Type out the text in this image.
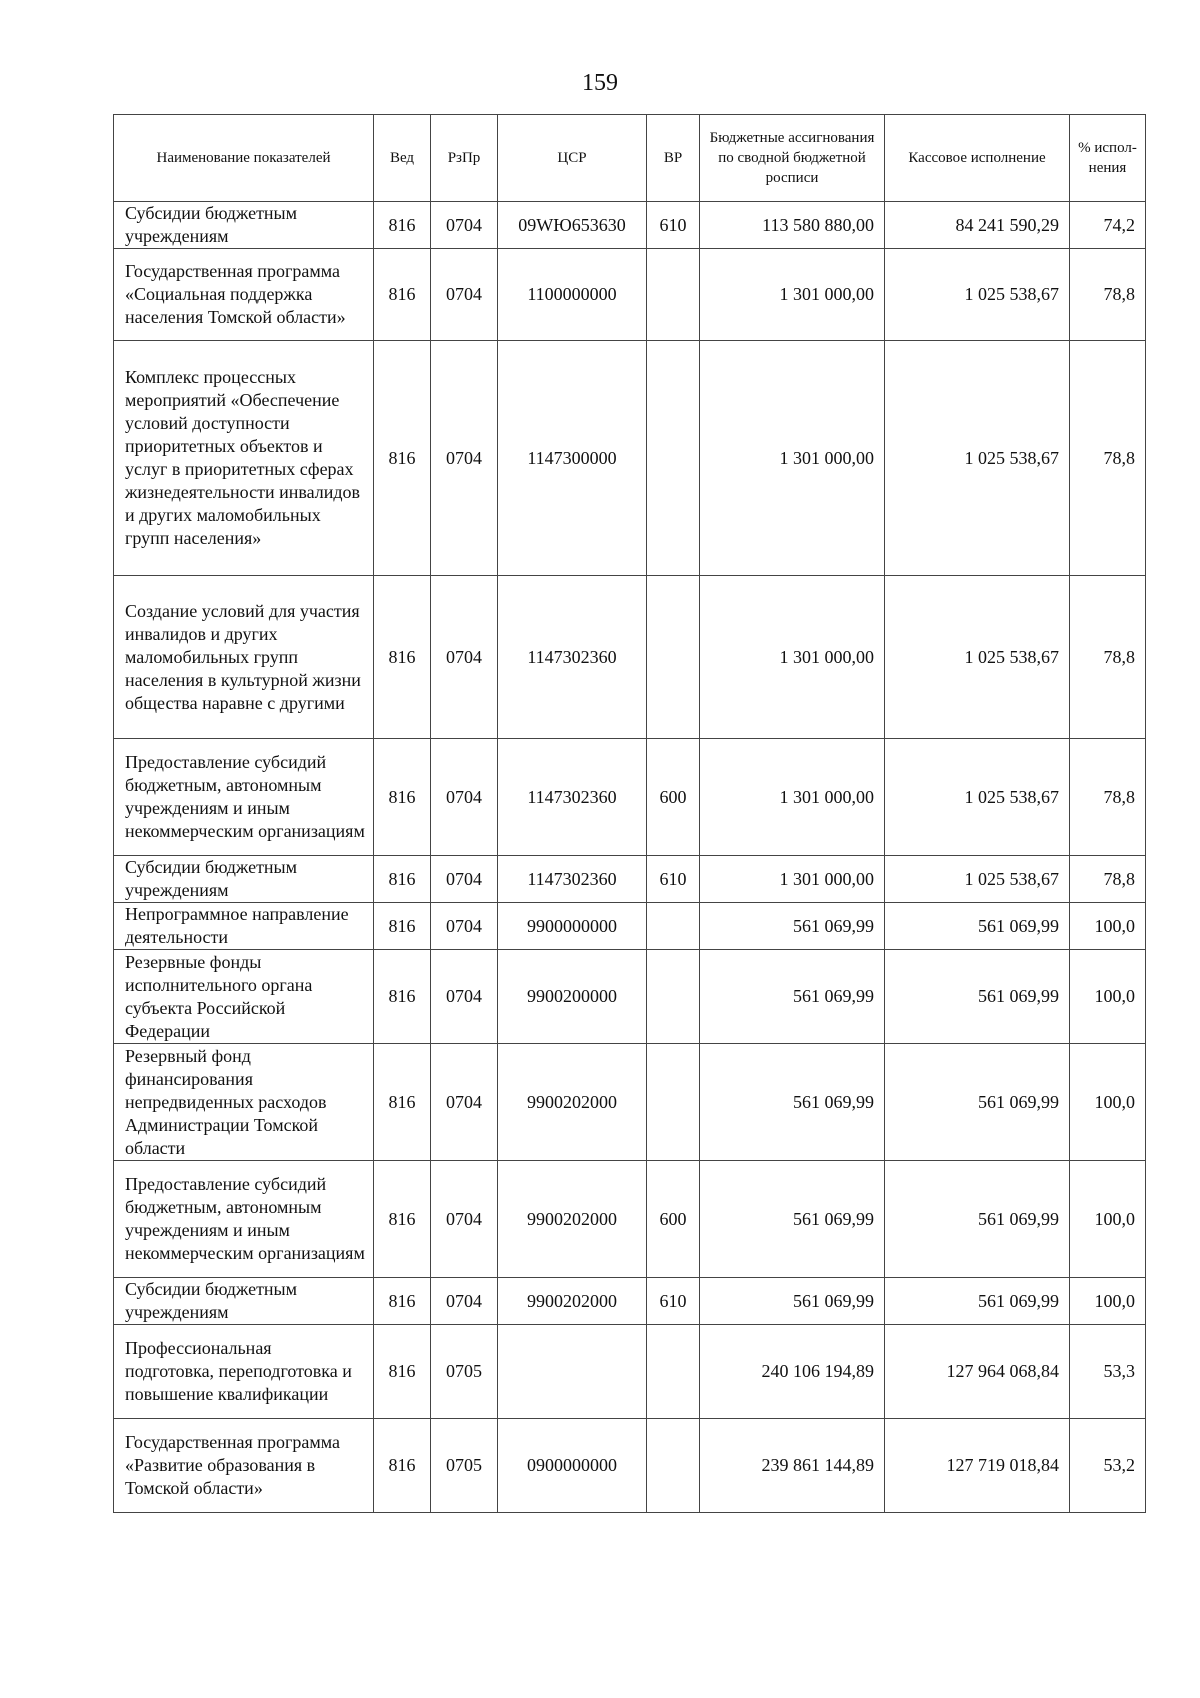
159
Наименование показателей	Вед	РзПр	ЦСР	ВР	Бюджетные ассигнования по сводной бюджетной росписи	Кассовое исполнение	% испол-нения
Субсидии бюджетным учреждениям	816	0704	09WЮ653630	610	113 580 880,00	84 241 590,29	74,2
Государственная программа «Социальная поддержка населения Томской области»	816	0704	1100000000		1 301 000,00	1 025 538,67	78,8
Комплекс процессных мероприятий «Обеспечение условий доступности приоритетных объектов и услуг в приоритетных сферах жизнедеятельности инвалидов и других маломобильных групп населения»	816	0704	1147300000		1 301 000,00	1 025 538,67	78,8
Создание условий для участия инвалидов и других маломобильных групп населения в культурной жизни общества наравне с другими	816	0704	1147302360		1 301 000,00	1 025 538,67	78,8
Предоставление субсидий бюджетным, автономным учреждениям и иным некоммерческим организациям	816	0704	1147302360	600	1 301 000,00	1 025 538,67	78,8
Субсидии бюджетным учреждениям	816	0704	1147302360	610	1 301 000,00	1 025 538,67	78,8
Непрограммное направление деятельности	816	0704	9900000000		561 069,99	561 069,99	100,0
Резервные фонды исполнительного органа субъекта Российской Федерации	816	0704	9900200000		561 069,99	561 069,99	100,0
Резервный фонд финансирования непредвиденных расходов Администрации Томской области	816	0704	9900202000		561 069,99	561 069,99	100,0
Предоставление субсидий бюджетным, автономным учреждениям и иным некоммерческим организациям	816	0704	9900202000	600	561 069,99	561 069,99	100,0
Субсидии бюджетным учреждениям	816	0704	9900202000	610	561 069,99	561 069,99	100,0
Профессиональная подготовка, переподготовка и повышение квалификации	816	0705			240 106 194,89	127 964 068,84	53,3
Государственная программа «Развитие образования в Томской области»	816	0705	0900000000		239 861 144,89	127 719 018,84	53,2
